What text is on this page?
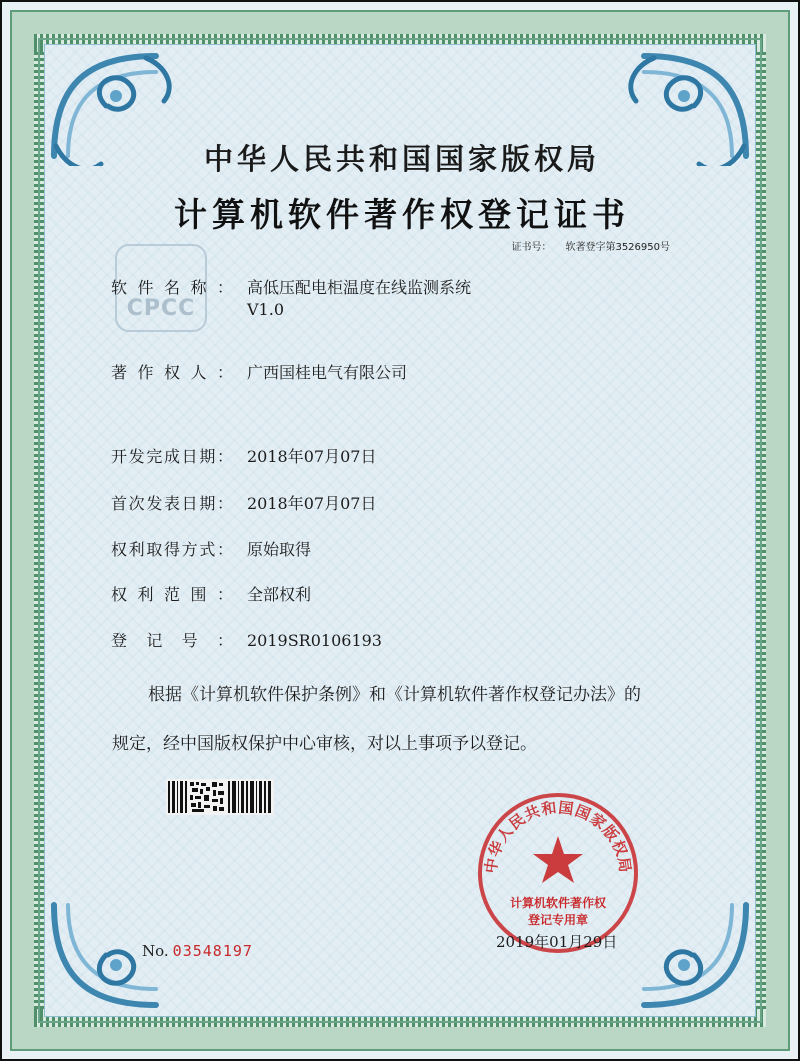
CPCC
中华人民共和国国家版权局
计算机软件著作权登记证书
证书号： 软著登字第3526950号
软件名称： 高低压配电柜温度在线监测系统
V1.0
著作权人： 广西国桂电气有限公司
开发完成日期： 2018年07月07日
首次发表日期： 2018年07月07日
权利取得方式： 原始取得
权利范围： 全部权利
登记号： 2019SR0106193
根据《计算机软件保护条例》和《计算机软件著作权登记办法》的
规定，经中国版权保护中心审核，对以上事项予以登记。
中华人民共和国国家版权局
计算机软件著作权
登记专用章
2019年01月29日
No. 03548197
